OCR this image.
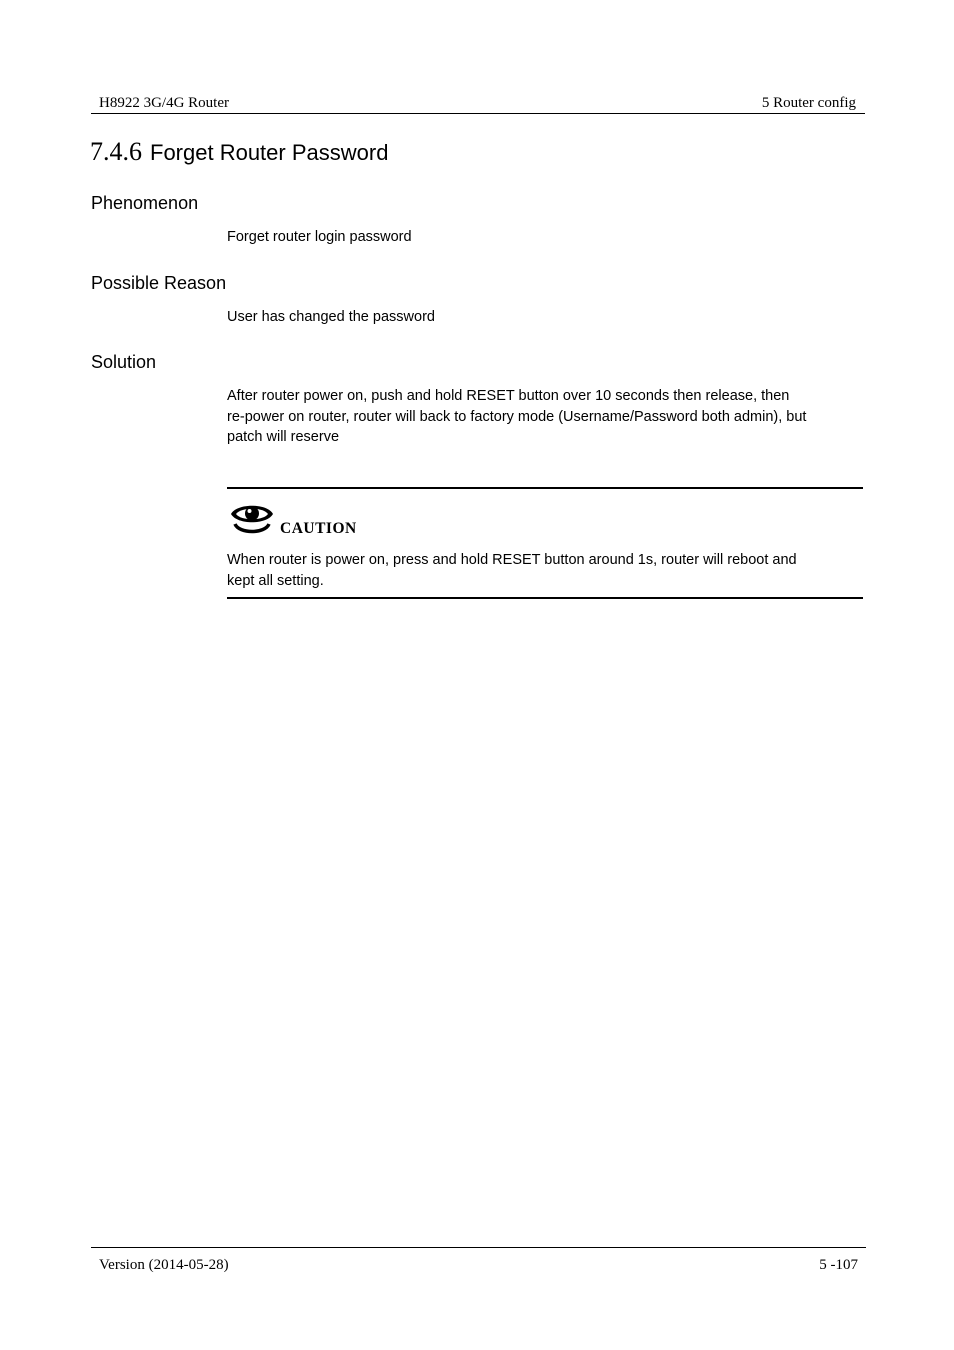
H8922 3G/4G Router	5 Router config
7.4.6 Forget Router Password
Phenomenon
Forget router login password
Possible Reason
User has changed the password
Solution
After router power on, push and hold RESET button over 10 seconds then release, then
re-power on router, router will back to factory mode (Username/Password both admin), but
patch will reserve
CAUTION
When router is power on, press and hold RESET button around 1s, router will reboot and
kept all setting.
Version (2014-05-28)	5 -107
